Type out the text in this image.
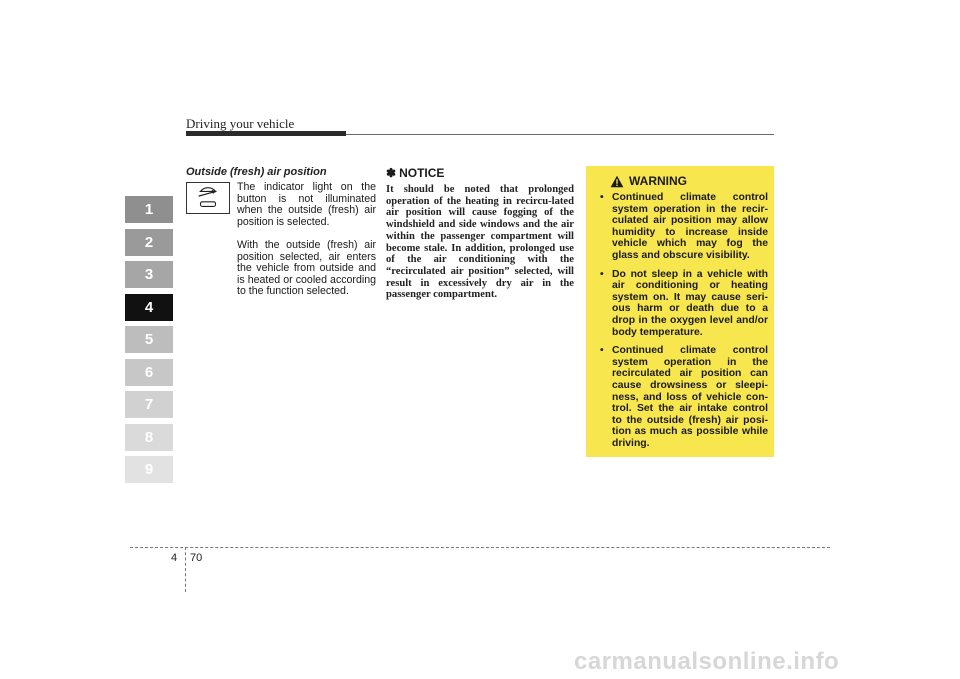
Driving your vehicle
1
2
3
4
5
6
7
8
9
Outside (fresh) air position
The indicator light on the button is not illuminated when the outside (fresh) air position is selected.
With the outside (fresh) air position selected, air enters the vehicle from outside and is heated or cooled according to the function selected.
✽ NOTICE
It should be noted that prolonged operation of the heating in recircu-lated air position will cause fogging of the windshield and side windows and the air within the passenger compartment will become stale. In addition, prolonged use of the air conditioning with the “recirculated air position” selected, will result in excessively dry air in the passenger compartment.
WARNING
• Continued climate control system operation in the recir-culated air position may allow humidity to increase inside vehicle which may fog the glass and obscure visibility.
• Do not sleep in a vehicle with air conditioning or heating system on. It may cause seri-ous harm or death due to a drop in the oxygen level and/or body temperature.
• Continued climate control system operation in the recirculated air position can cause drowsiness or sleepi-ness, and loss of vehicle con-trol. Set the air intake control to the outside (fresh) air posi-tion as much as possible while driving.
4 70
carmanualsonline.info
